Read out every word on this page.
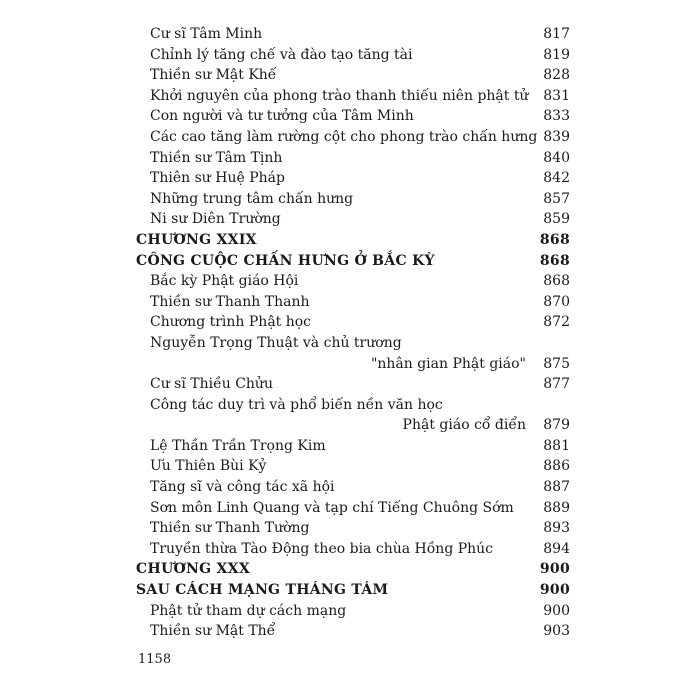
Cư sĩ Tâm Minh	817
Chỉnh lý tăng chế và đào tạo tăng tài	819
Thiền sư Mật Khế	828
Khởi nguyên của phong trào thanh thiếu niên phật tử 831
Con người và tư tưởng của Tâm Minh	833
Các cao tăng làm rường cột cho phong trào chấn hưng 839
Thiền sư Tâm Tịnh	840
Thiên sư Huệ Pháp	842
Những trung tâm chấn hưng	857
Ni sư Diên Trường	859
CHƯƠNG XXIX	868
CÔNG CUỘC CHẤN HƯNG Ở BẮC KỲ	868
Bắc kỳ Phật giáo Hội	868
Thiền sư Thanh Thanh	870
Chương trình Phật học	872
Nguyễn Trọng Thuật và chủ trương
"nhân gian Phật giáo" 875
Cư sĩ Thiều Chửu	877
Công tác duy trì và phổ biến nền văn học
Phật giáo cổ điển 879
Lệ Thần Trần Trọng Kim	881
Ưu Thiên Bùi Kỷ	886
Tăng sĩ và công tác xã hội	887
Sơn môn Linh Quang và tạp chí Tiếng Chuông Sớm 889
Thiền sư Thanh Tường	893
Truyền thừa Tào Động theo bia chùa Hồng Phúc	894
CHƯƠNG XXX	900
SAU CÁCH MẠNG THÁNG TÁM	900
Phật tử tham dự cách mạng	900
Thiền sư Mật Thể	903
1158
